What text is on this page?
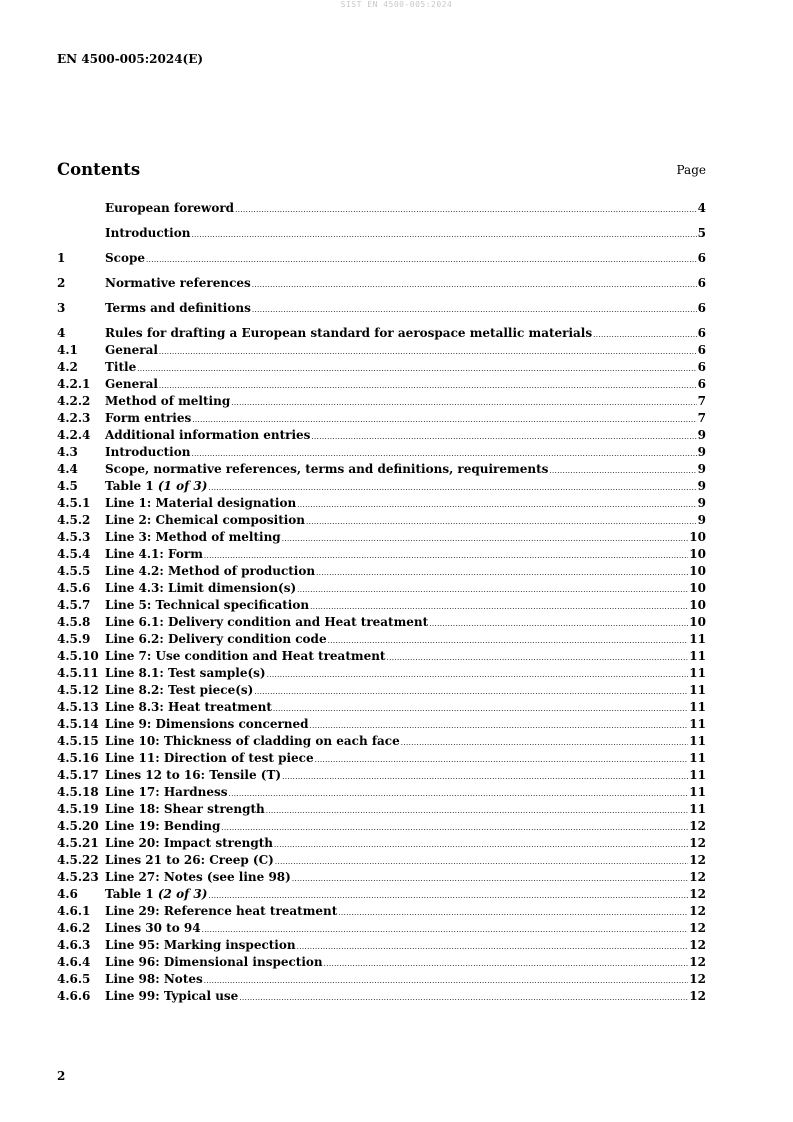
SIST EN 4500-005:2024
EN 4500-005:2024(E)
Contents	Page
European foreword .....	4
Introduction .....	5
1	Scope .....	6
2	Normative references .....	6
3	Terms and definitions .....	6
4	Rules for drafting a European standard for aerospace metallic materials .....	6
4.1	General .....	6
4.2	Title .....	6
4.2.1	General .....	6
4.2.2	Method of melting .....	7
4.2.3	Form entries .....	7
4.2.4	Additional information entries .....	9
4.3	Introduction .....	9
4.4	Scope, normative references, terms and definitions, requirements .....	9
4.5	Table 1 (1 of 3) .....	9
4.5.1	Line 1: Material designation .....	9
4.5.2	Line 2: Chemical composition .....	9
4.5.3	Line 3: Method of melting .....	10
4.5.4	Line 4.1: Form .....	10
4.5.5	Line 4.2: Method of production .....	10
4.5.6	Line 4.3: Limit dimension(s) .....	10
4.5.7	Line 5: Technical specification .....	10
4.5.8	Line 6.1: Delivery condition and Heat treatment .....	10
4.5.9	Line 6.2: Delivery condition code .....	11
4.5.10 Line 7: Use condition and Heat treatment .....	11
4.5.11 Line 8.1: Test sample(s) .....	11
4.5.12 Line 8.2: Test piece(s) .....	11
4.5.13 Line 8.3: Heat treatment .....	11
4.5.14 Line 9: Dimensions concerned .....	11
4.5.15 Line 10: Thickness of cladding on each face .....	11
4.5.16 Line 11: Direction of test piece .....	11
4.5.17 Lines 12 to 16: Tensile (T) .....	11
4.5.18 Line 17: Hardness .....	11
4.5.19 Line 18: Shear strength .....	11
4.5.20 Line 19: Bending .....	12
4.5.21 Line 20: Impact strength .....	12
4.5.22 Lines 21 to 26: Creep (C) .....	12
4.5.23 Line 27: Notes (see line 98) .....	12
4.6	Table 1 (2 of 3) .....	12
4.6.1	Line 29: Reference heat treatment .....	12
4.6.2	Lines 30 to 94 .....	12
4.6.3	Line 95: Marking inspection .....	12
4.6.4	Line 96: Dimensional inspection .....	12
4.6.5	Line 98: Notes .....	12
4.6.6	Line 99: Typical use .....	12
2
